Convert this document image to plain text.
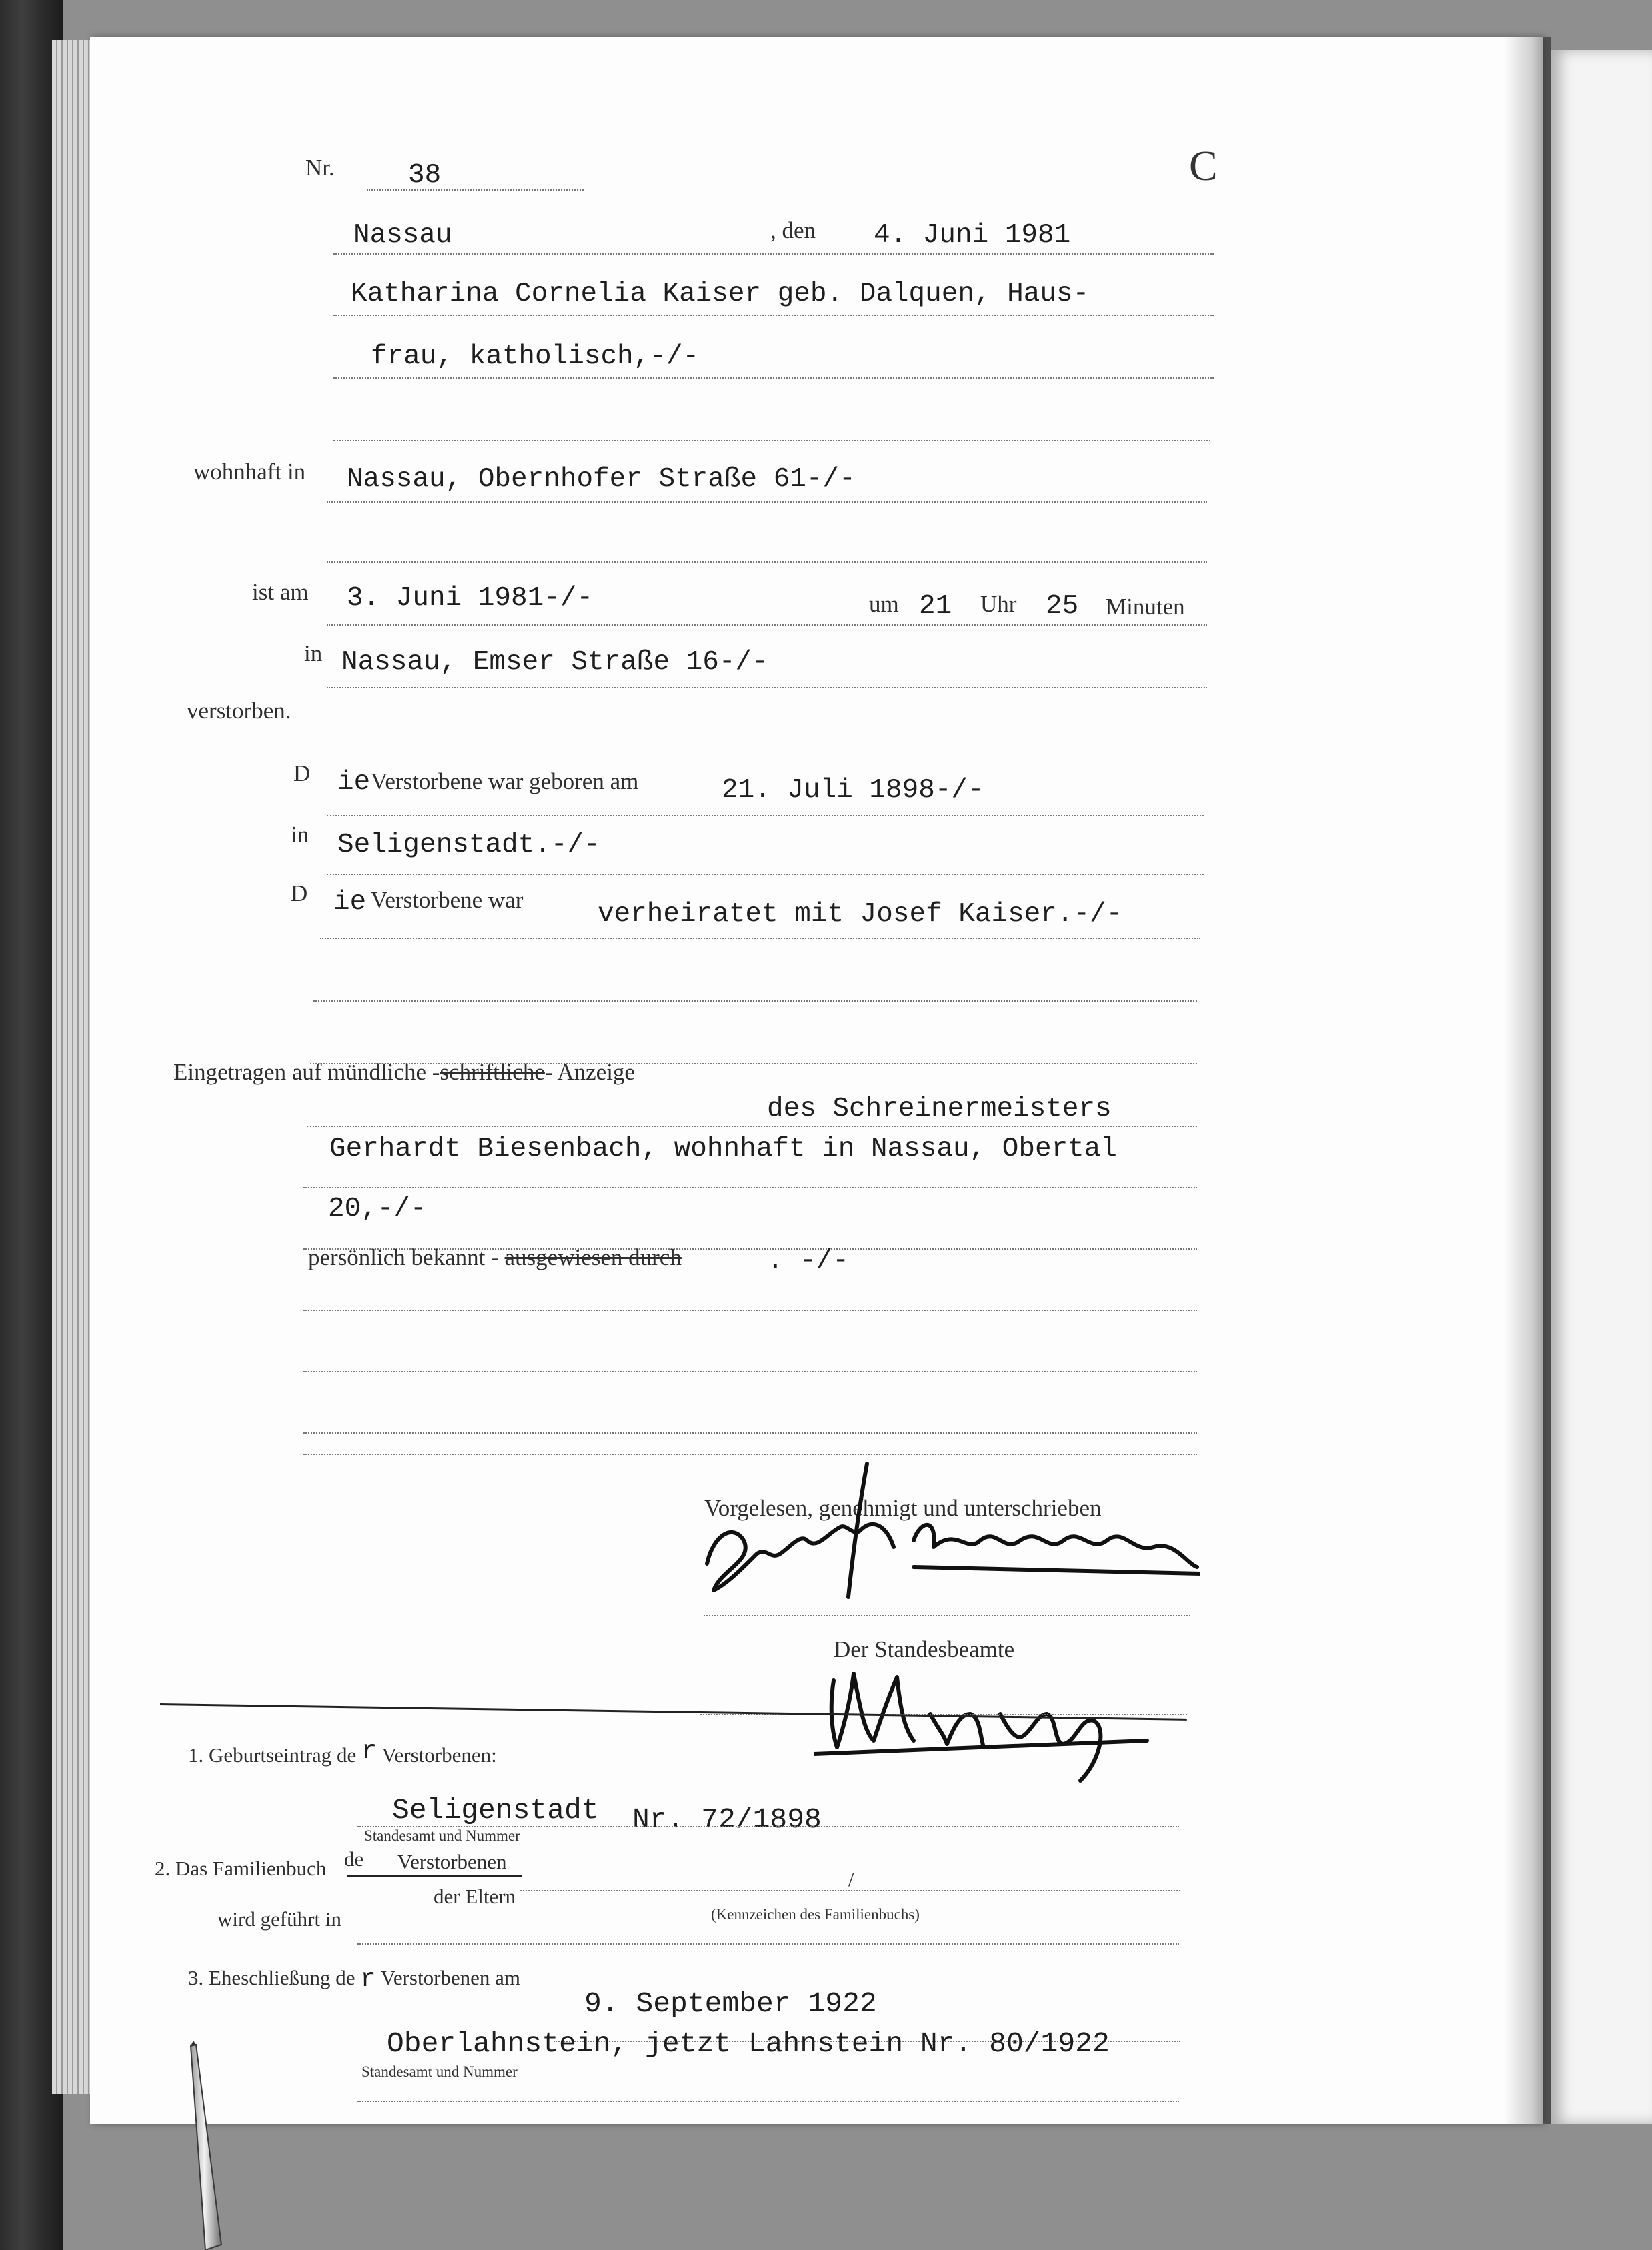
Nr.	38	C
Nassau	, den 4. Juni 1981
Katharina Cornelia Kaiser geb. Dalquen, Haus-
frau, katholisch,-/-
wohnhaft in Nassau, Obernhofer Straße 61-/-
ist am 3. Juni 1981-/-	um 21 Uhr 25 Minuten
in Nassau, Emser Straße 16-/-
verstorben.
D ie Verstorbene war geboren am	21. Juli 1898-/-
in Seligenstadt.-/-
D ie Verstorbene war	verheiratet mit Josef Kaiser.-/-
Eingetragen auf mündliche -schriftliche- Anzeige
des Schreinermeisters
Gerhardt Biesenbach, wohnhaft in Nassau, Obertal
20,-/-
persönlich bekannt - ausgewiesen durch	. -/-
Vorgelesen, genehmigt und unterschrieben
Der Standesbeamte
1. Geburtseintrag de r Verstorbenen:
Seligenstadt Nr. 72/1898
Standesamt und Nummer
2. Das Familienbuch de Verstorbenen
der Eltern
/
(Kennzeichen des Familienbuchs)
wird geführt in
3. Eheschließung de r Verstorbenen am
9. September 1922
Oberlahnstein, jetzt Lahnstein Nr. 80/1922
Standesamt und Nummer
